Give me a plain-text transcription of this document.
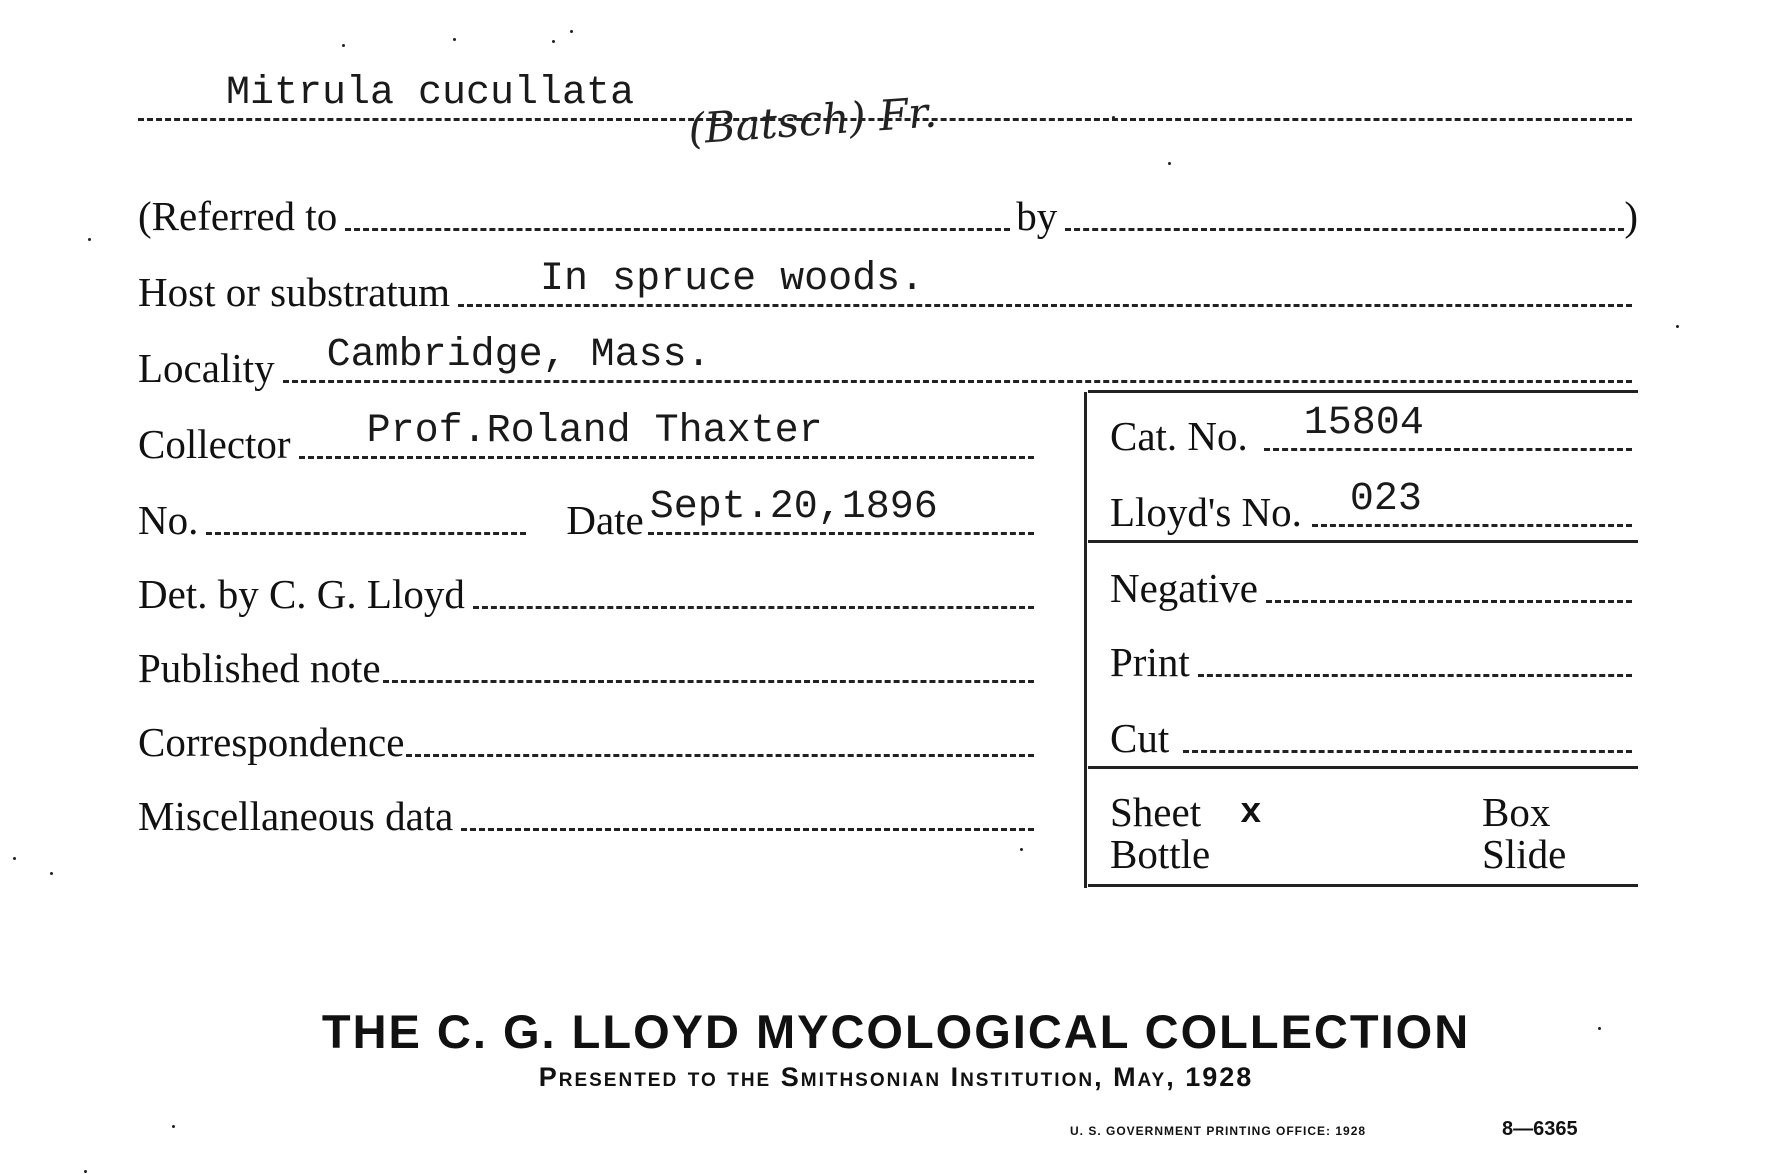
Mitrula cucullata (Batsch) Fr.
(Referred to	by	)
Host or substratum In spruce woods.
Locality Cambridge, Mass.
Collector Prof.Roland Thaxter
No.	Date Sept.20,1896
Det. by C. G. Lloyd
Published note
Correspondence
Miscellaneous data
Cat. No. 15804
Lloyd's No. 023
Negative
Print
Cut
Sheet x	Box
Bottle	Slide
THE C. G. LLOYD MYCOLOGICAL COLLECTION
Presented to the Smithsonian Institution, May, 1928
U. S. GOVERNMENT PRINTING OFFICE: 1928	8—6365
